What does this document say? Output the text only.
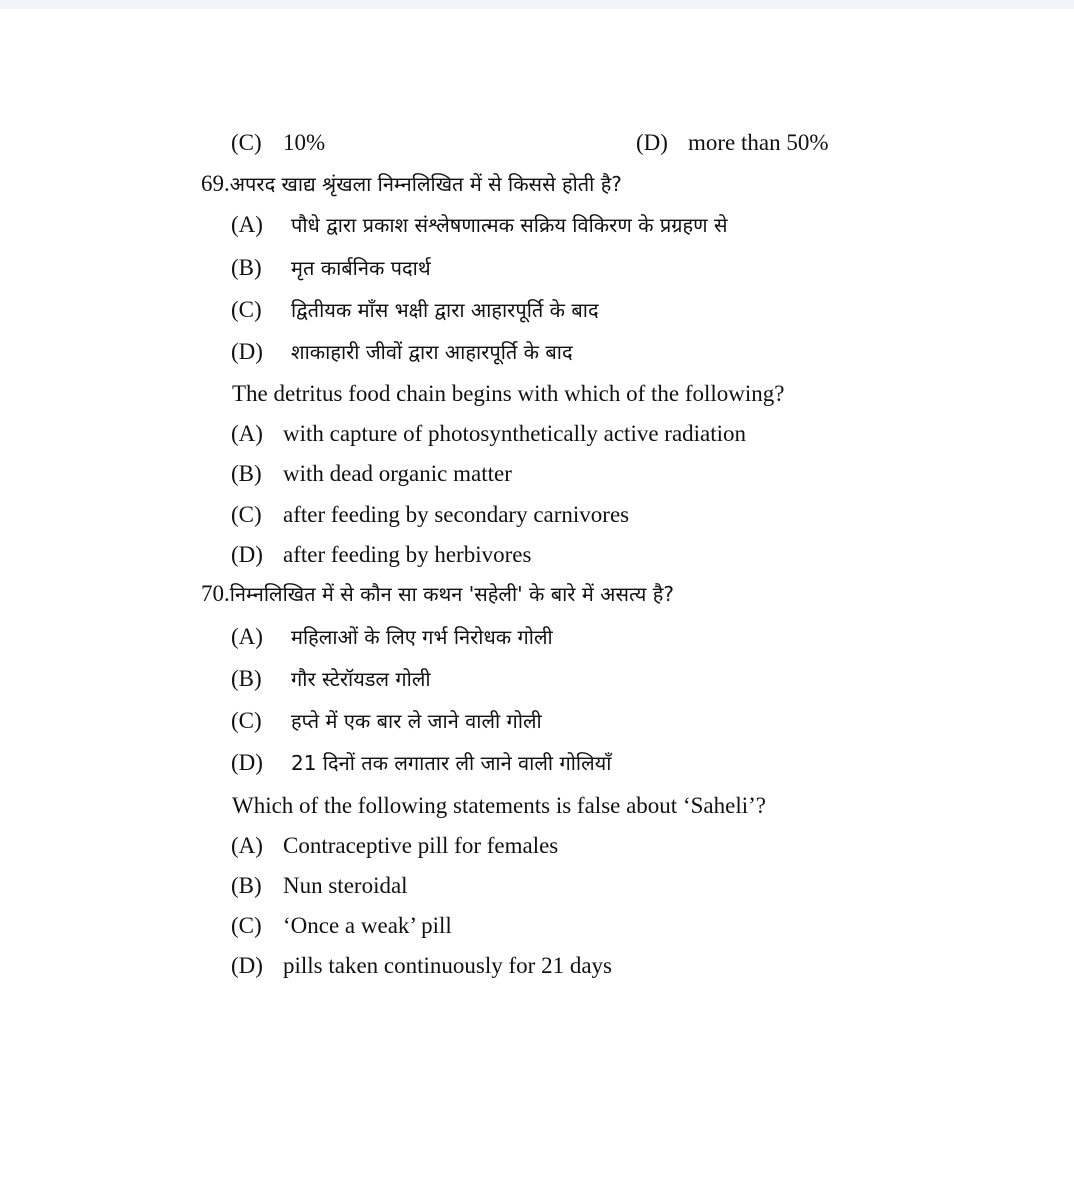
(C) 10%	(D) more than 50%
69.अपरद खाद्य श्रृंखला निम्नलिखित में से किससे होती है?
(A) पौधे द्वारा प्रकाश संश्लेषणात्मक सक्रिय विकिरण के प्रग्रहण से
(B) मृत कार्बनिक पदार्थ
(C) द्वितीयक माँस भक्षी द्वारा आहारपूर्ति के बाद
(D) शाकाहारी जीवों द्वारा आहारपूर्ति के बाद
The detritus food chain begins with which of the following?
(A) with capture of photosynthetically active radiation
(B) with dead organic matter
(C) after feeding by secondary carnivores
(D) after feeding by herbivores
70.निम्नलिखित में से कौन सा कथन 'सहेली' के बारे में असत्य है?
(A) महिलाओं के लिए गर्भ निरोधक गोली
(B) गौर स्टेरॉयडल गोली
(C) हप्ते में एक बार ले जाने वाली गोली
(D) 21 दिनों तक लगातार ली जाने वाली गोलियाँ
Which of the following statements is false about ‘Saheli’?
(A) Contraceptive pill for females
(B) Nun steroidal
(C) ‘Once a weak’ pill
(D) pills taken continuously for 21 days
